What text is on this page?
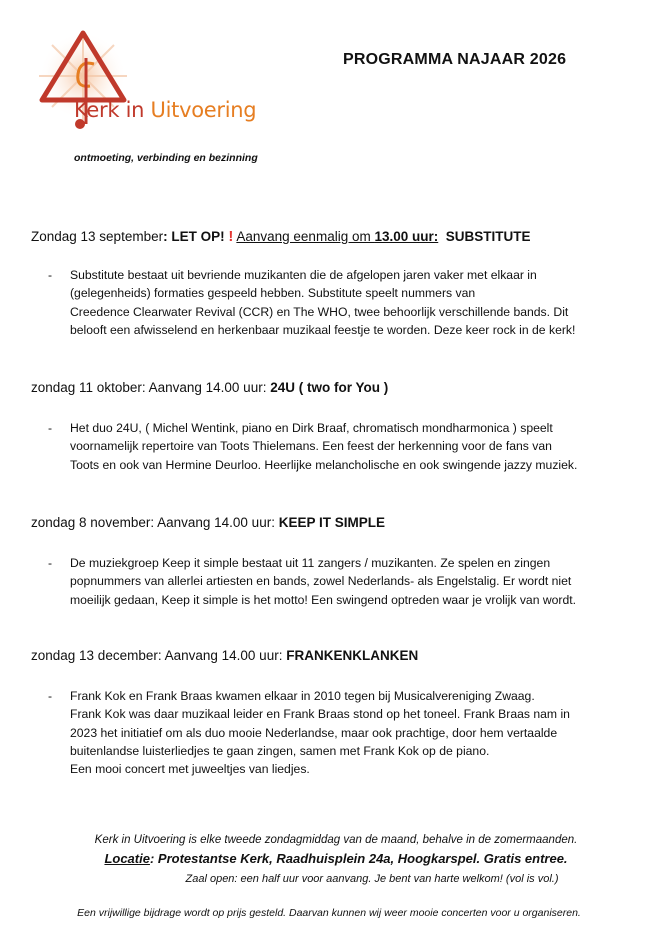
Kerk in Uitvoering
ontmoeting, verbinding en bezinning
PROGRAMMA NAJAAR 2026
Zondag 13 september: LET OP! ! Aanvang eenmalig om 13.00 uur: SUBSTITUTE
- Substitute bestaat uit bevriende muzikanten die de afgelopen jaren vaker met elkaar in

(gelegenheids) formaties gespeeld hebben. Substitute speelt nummers van

Creedence Clearwater Revival (CCR) en The WHO, twee behoorlijk verschillende bands. Dit

belooft een afwisselend en herkenbaar muzikaal feestje te worden. Deze keer rock in de kerk!

zondag 11 oktober: Aanvang 14.00 uur: 24U ( two for You )
- Het duo 24U, ( Michel Wentink, piano en Dirk Braaf, chromatisch mondharmonica ) speelt

voornamelijk repertoire van Toots Thielemans. Een feest der herkenning voor de fans van

Toots en ook van Hermine Deurloo. Heerlijke melancholische en ook swingende jazzy muziek.

zondag 8 november: Aanvang 14.00 uur: KEEP IT SIMPLE
- De muziekgroep Keep it simple bestaat uit 11 zangers / muzikanten. Ze spelen en zingen

popnummers van allerlei artiesten en bands, zowel Nederlands- als Engelstalig. Er wordt niet

moeilijk gedaan, Keep it simple is het motto! Een swingend optreden waar je vrolijk van wordt.

zondag 13 december: Aanvang 14.00 uur: FRANKENKLANKEN
- Frank Kok en Frank Braas kwamen elkaar in 2010 tegen bij Musicalvereniging Zwaag.

Frank Kok was daar muzikaal leider en Frank Braas stond op het toneel. Frank Braas nam in

2023 het initiatief om als duo mooie Nederlandse, maar ook prachtige, door hem vertaalde

buitenlandse luisterliedjes te gaan zingen, samen met Frank Kok op de piano.

Een mooi concert met juweeltjes van liedjes.

Kerk in Uitvoering is elke tweede zondagmiddag van de maand, behalve in de zomermaanden.
Locatie: Protestantse Kerk, Raadhuisplein 24a, Hoogkarspel. Gratis entree.
Zaal open: een half uur voor aanvang. Je bent van harte welkom! (vol is vol.)
Een vrijwillige bijdrage wordt op prijs gesteld. Daarvan kunnen wij weer mooie concerten voor u organiseren.
